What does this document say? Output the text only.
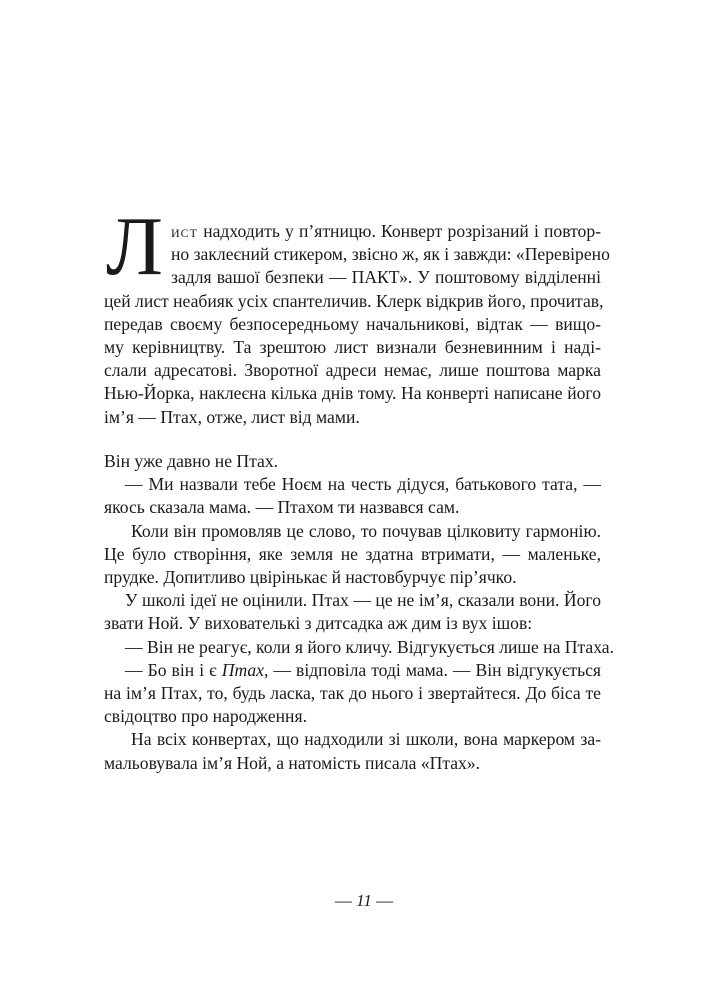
Л ист надходить у п’ятницю. Конверт розрізаний і повтор-
но заклеєний стикером, звісно ж, як і завжди: «Перевірено
задля вашої безпеки — ПАКТ». У поштовому відділенні
цей лист неабияк усіх спантеличив. Клерк відкрив його, прочитав,
передав своєму безпосередньому начальникові, відтак — вищо-
му керівництву. Та зрештою лист визнали безневинним і наді-
слали адресатові. Зворотної адреси немає, лише поштова марка
Нью-Йорка, наклеєна кілька днів тому. На конверті написане його
ім’я — Птах, отже, лист від мами.
Він уже давно не Птах.
— Ми назвали тебе Ноєм на честь дідуся, батькового тата, —
якось сказала мама. — Птахом ти назвався сам.
Коли він промовляв це слово, то почував цілковиту гармонію.
Це було створіння, яке земля не здатна втримати, — маленьке,
прудке. Допитливо цвірінькає й настовбурчує пір’ячко.
У школі ідеї не оцінили. Птах — це не ім’я, сказали вони. Його
звати Ной. У вихователькі з дитсадка аж дим із вух ішов:
— Він не реагує, коли я його кличу. Відгукується лише на Птаха.
— Бо він і є Птах, — відповіла тоді мама. — Він відгукується
на ім’я Птах, то, будь ласка, так до нього і звертайтеся. До біса те
свідоцтво про народження.
На всіх конвертах, що надходили зі школи, вона маркером за-
мальовувала ім’я Ной, а натомість писала «Птах».
— 11 —
